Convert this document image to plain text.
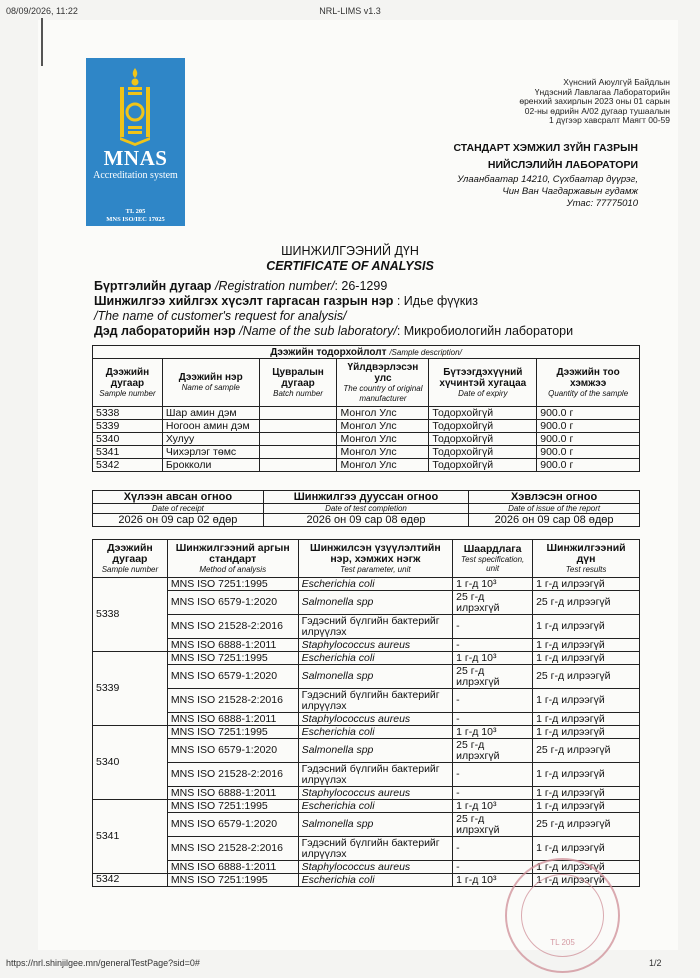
08/09/2026, 11:22	NRL-LIMS v1.3
MNAS
Accreditation system
TL 205
MNS ISO/IEC 17025
Хүнсний Аюулгүй Байдлын
Үндэсний Лавлагаа Лабораторийн
өренхий захирлын 2023 оны 01 сарын
02-ны өдрийн А/02 дугаар тушаалын
1 дүгээр хавсралт Маягт 00-59
СТАНДАРТ ХЭМЖИЛ ЗҮЙН ГАЗРЫН
НИЙСЛЭЛИЙН ЛАБОРАТОРИ
Улаанбаатар 14210, Сүхбаатар дүүрэг,
Чин Ван Чагдаржавын гудамж
Утас: 77775010
ШИНЖИЛГЭЭНИЙ ДҮН
CERTIFICATE OF ANALYSIS
Бүртгэлийн дугаар /Registration number/: 26-1299
Шинжилгээ хийлгэх хүсэлт гаргасан газрын нэр : Идье фүүкиз
/The name of customer's request for analysis/
Дэд лабораторийн нэр /Name of the sub laboratory/: Микробиологийн лаборатори
Дээжийн тодорхойлолт /Sample description/					

Дээжийн дугаар
Sample number	Дээжийн нэр
Name of sample	Цувралын дугаар
Batch number	Үйлдвэрлэсэн улс
The country of original manufacturer	Бүтээгдэхүүний хүчинтэй хугацаа
Date of expiry	Дээжийн тоо хэмжээ
Quantity of the sample

5338	Шар амин дэм		Монгол Улс	Тодорхойгүй	900.0 г
5339	Ногоон амин дэм		Монгол Улс	Тодорхойгүй	900.0 г
5340	Хулуу		Монгол Улс	Тодорхойгүй	900.0 г
5341	Чихэрлэг төмс		Монгол Улс	Тодорхойгүй	900.0 г
5342	Брокколи		Монгол Улс	Тодорхойгүй	900.0 г
Хүлээн авсан огноо	Шинжилгээ дууссан огноо	Хэвлэсэн огноо
Date of receipt	Date of test completion	Date of issue of the report
2026 он 09 сар 02 өдөр	2026 он 09 сар 08 өдөр	2026 он 09 сар 08 өдөр
Дээжийн дугаар
Sample number	Шинжилгээний аргын стандарт
Method of analysis	Шинжилсэн үзүүлэлтийн нэр, хэмжих нэгж
Test parameter, unit	Шаардлага
Test specification, unit	Шинжилгээний дүн
Test results

5338	MNS ISO 7251:1995	Escherichia coli	1 г-д 10³	1 г-д илрээгүй
	MNS ISO 6579-1:2020	Salmonella spp	25 г-д илрэхгүй	25 г-д илрээгүй
	MNS ISO 21528-2:2016	Гэдэсний бүлгийн бактерийг илрүүлэх	-	1 г-д илрээгүй
	MNS ISO 6888-1:2011	Staphylococcus aureus	-	1 г-д илрээгүй
5339	MNS ISO 7251:1995	Escherichia coli	1 г-д 10³	1 г-д илрээгүй
	MNS ISO 6579-1:2020	Salmonella spp	25 г-д илрэхгүй	25 г-д илрээгүй
	MNS ISO 21528-2:2016	Гэдэсний бүлгийн бактерийг илрүүлэх	-	1 г-д илрээгүй
	MNS ISO 6888-1:2011	Staphylococcus aureus	-	1 г-д илрээгүй
5340	MNS ISO 7251:1995	Escherichia coli	1 г-д 10³	1 г-д илрээгүй
	MNS ISO 6579-1:2020	Salmonella spp	25 г-д илрэхгүй	25 г-д илрээгүй
	MNS ISO 21528-2:2016	Гэдэсний бүлгийн бактерийг илрүүлэх	-	1 г-д илрээгүй
	MNS ISO 6888-1:2011	Staphylococcus aureus	-	1 г-д илрээгүй
5341	MNS ISO 7251:1995	Escherichia coli	1 г-д 10³	1 г-д илрээгүй
	MNS ISO 6579-1:2020	Salmonella spp	25 г-д илрэхгүй	25 г-д илрээгүй
	MNS ISO 21528-2:2016	Гэдэсний бүлгийн бактерийг илрүүлэх	-	1 г-д илрээгүй
	MNS ISO 6888-1:2011	Staphylococcus aureus	-	1 г-д илрээгүй
5342	MNS ISO 7251:1995	Escherichia coli	1 г-д 10³	1 г-д илрээгүй
TL 205
https://nrl.shinjilgee.mn/generalTestPage?sid=0#	1/2
